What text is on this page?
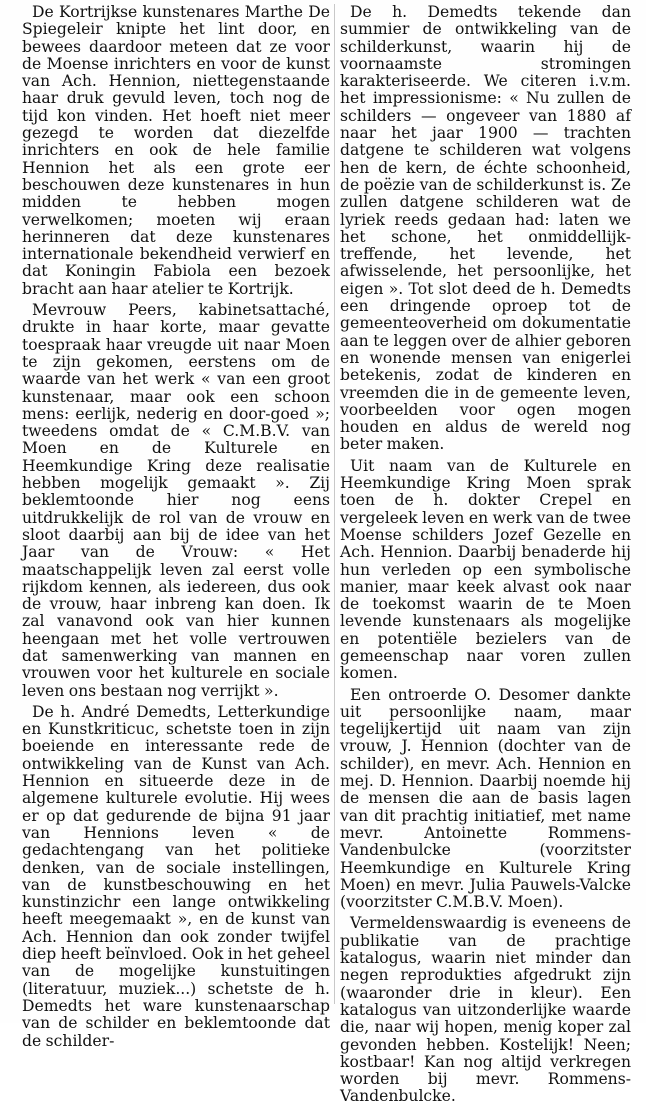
De Kortrijkse kunstenares Marthe De Spiegeleir knipte het lint door, en bewees daardoor meteen dat ze voor de Moense inrichters en voor de kunst van Ach. Hennion, niettegenstaande haar druk gevuld leven, toch nog de tijd kon vinden. Het hoeft niet meer gezegd te worden dat diezelfde inrichters en ook de hele familie Hennion het als een grote eer beschouwen deze kunstenares in hun midden te hebben mogen verwelkomen; moeten wij eraan herinneren dat deze kunstenares internationale bekendheid verwierf en dat Koningin Fabiola een bezoek bracht aan haar atelier te Kortrijk.

Mevrouw Peers, kabinetsattaché, drukte in haar korte, maar gevatte toespraak haar vreugde uit naar Moen te zijn gekomen, eerstens om de waarde van het werk « van een groot kunstenaar, maar ook een schoon mens: eerlijk, nederig en door-goed »; tweedens omdat de « C.M.B.V. van Moen en de Kulturele en Heemkundige Kring deze realisatie hebben mogelijk gemaakt ». Zij beklemtoonde hier nog eens uitdrukkelijk de rol van de vrouw en sloot daarbij aan bij de idee van het Jaar van de Vrouw: « Het maatschappelijk leven zal eerst volle rijkdom kennen, als iedereen, dus ook de vrouw, haar inbreng kan doen. Ik zal vanavond ook van hier kunnen heengaan met het volle vertrouwen dat samenwerking van mannen en vrouwen voor het kulturele en sociale leven ons bestaan nog verrijkt ».

De h. André Demedts, Letterkundige en Kunstkriticuc, schetste toen in zijn boeiende en interessante rede de ontwikkeling van de Kunst van Ach. Hennion en situeerde deze in de algemene kulturele evolutie. Hij wees er op dat gedurende de bijna 91 jaar van Hennions leven « de gedachtengang van het politieke denken, van de sociale instellingen, van de kunstbeschouwing en het kunstinzichr een lange ontwikkeling heeft meegemaakt », en de kunst van Ach. Hennion dan ook zonder twijfel diep heeft beïnvloed. Ook in het geheel van de mogelijke kunstuitingen (literatuur, muziek...) schetste de h. Demedts het ware kunstenaarschap van de schilder en beklemtoonde dat de schilder-

De h. Demedts tekende dan summier de ontwikkeling van de schilderkunst, waarin hij de voornaamste stromingen karakteriseerde. We citeren i.v.m. het impressionisme: « Nu zullen de schilders — ongeveer van 1880 af naar het jaar 1900 — trachten datgene te schilderen wat volgens hen de kern, de échte schoonheid, de poëzie van de schilderkunst is. Ze zullen datgene schilderen wat de lyriek reeds gedaan had: laten we het schone, het onmiddellijk-treffende, het levende, het afwisselende, het persoonlijke, het eigen ». Tot slot deed de h. Demedts een dringende oproep tot de gemeenteoverheid om dokumentatie aan te leggen over de alhier geboren en wonende mensen van enigerlei betekenis, zodat de kinderen en vreemden die in de gemeente leven, voorbeelden voor ogen mogen houden en aldus de wereld nog beter maken.

Uit naam van de Kulturele en Heemkundige Kring Moen sprak toen de h. dokter Crepel en vergeleek leven en werk van de twee Moense schilders Jozef Gezelle en Ach. Hennion. Daarbij benaderde hij hun verleden op een symbolische manier, maar keek alvast ook naar de toekomst waarin de te Moen levende kunstenaars als mogelijke en potentiële bezielers van de gemeenschap naar voren zullen komen.

Een ontroerde O. Desomer dankte uit persoonlijke naam, maar tegelijkertijd uit naam van zijn vrouw, J. Hennion (dochter van de schilder), en mevr. Ach. Hennion en mej. D. Hennion. Daarbij noemde hij de mensen die aan de basis lagen van dit prachtig initiatief, met name mevr. Antoinette Rommens-Vandenbulcke (voorzitster Heemkundige en Kulturele Kring Moen) en mevr. Julia Pauwels-Valcke (voorzitster C.M.B.V. Moen).

Vermeldenswaardig is eveneens de publikatie van de prachtige katalogus, waarin niet minder dan negen reprodukties afgedrukt zijn (waaronder drie in kleur). Een katalogus van uitzonderlijke waarde die, naar wij hopen, menig koper zal gevonden hebben. Kostelijk! Neen; kostbaar! Kan nog altijd verkregen worden bij mevr. Rommens-Vandenbulcke.
